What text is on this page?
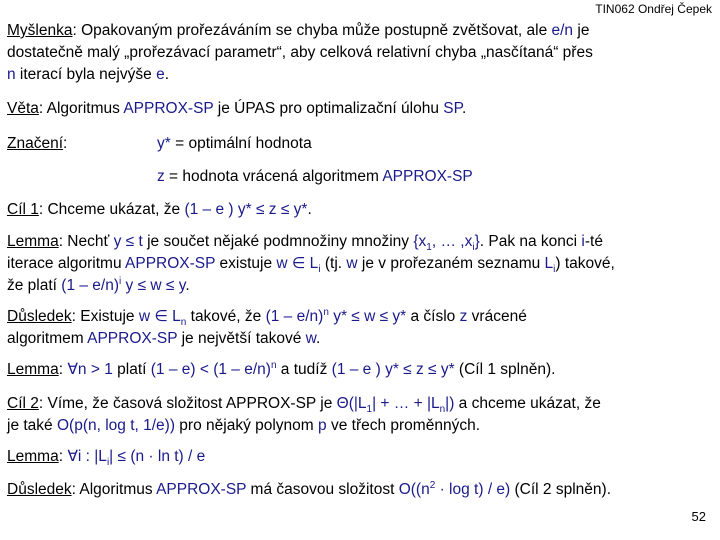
TIN062 Ondřej Čepek
Myšlenka: Opakovaným prořezáváním se chyba může postupně zvětšovat, ale e/n je
dostatečně malý „prořezávací parametr“, aby celková relativní chyba „nasčítaná“ přes
n iterací byla nejvýše e.
Věta: Algoritmus APPROX-SP je ÚPAS pro optimalizační úlohu SP.
Značení:	y* = optimální hodnota
z = hodnota vrácená algoritmem APPROX-SP
Cíl 1: Chceme ukázat, že (1 – e ) y* ≤ z ≤ y*.
Lemma: Nechť y ≤ t je součet nějaké podmnožiny množiny {$x_1$, … $,x_i$}. Pak na konci i-té
iterace algoritmu APPROX-SP existuje w ∈ $L_i$ (tj. w je v prořezaném seznamu $L_i$) takové,
že platí (1 – e/n)$^i$ y ≤ w ≤ y.
Důsledek: Existuje w ∈ $L_n$ takové, že (1 – e/n)$^n$ y* ≤ w ≤ y* a číslo z vrácené
algoritmem APPROX-SP je největší takové w.
Lemma: ∀n > 1 platí (1 – e) < (1 – e/n)$^n$ a tudíž (1 – e ) y* ≤ z ≤ y* (Cíl 1 splněn).
Cíl 2: Víme, že časová složitost APPROX-SP je $\Theta(|L_1|$ + … + $|L_n|$) a chceme ukázat, že
je také O(p(n, log t, 1/e)) pro nějaký polynom p ve třech proměnných.
Lemma: ∀i : $|L_i| \le (n \cdot \ln t) / e$
Důsledek: Algoritmus APPROX-SP má časovou složitost $O((n^2 \cdot \log t) / e)$ (Cíl 2 splněn).
52
